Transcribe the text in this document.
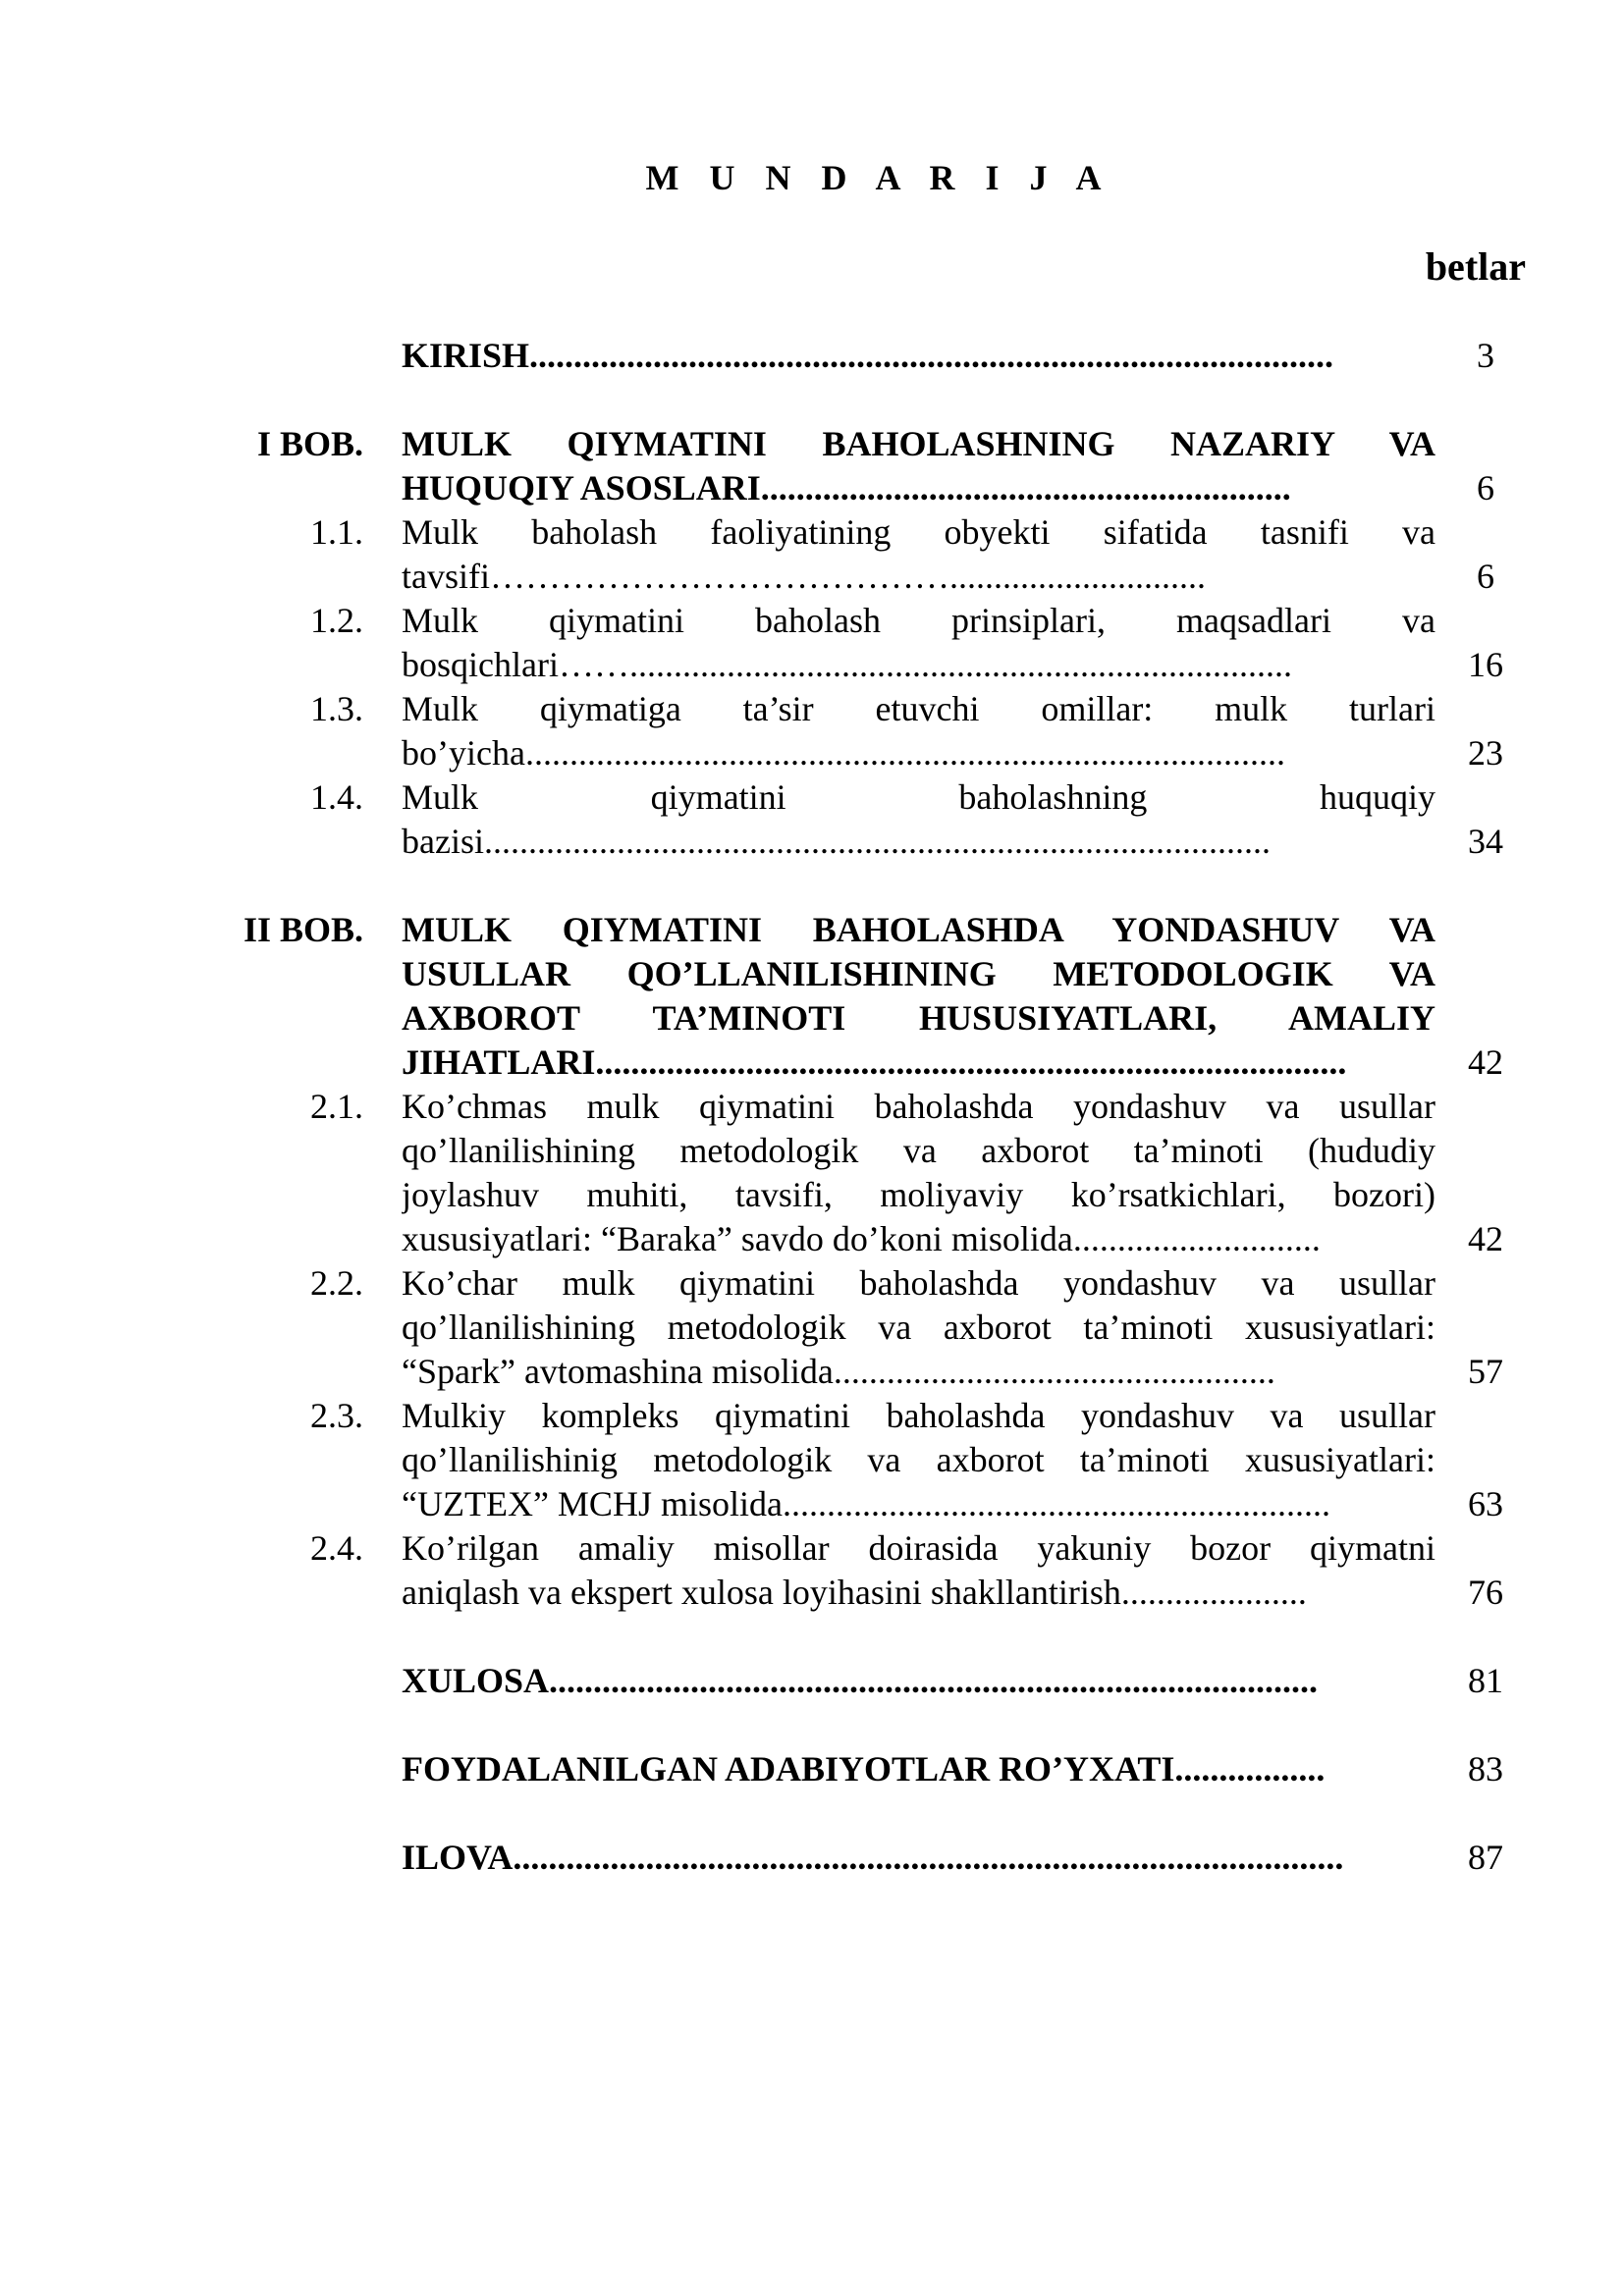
M U N D A R I J A
betlar
KIRISH...........................................................................................	3
I BOB. MULK QIYMATINI BAHOLASHNING NAZARIY VA
HUQUQIY ASOSLARI............................................................	6
1.1. Mulk baholash faoliyatining obyekti sifatida tasnifi va
tavsifi………………………………….............................	6
1.2. Mulk qiymatini baholash prinsiplari, maqsadlari va
bosqichlari……...........................................................................	16
1.3. Mulk qiymatiga ta’sir etuvchi omillar: mulk turlari
bo’yicha......................................................................................	23
1.4. Mulk qiymatini baholashning huquqiy
bazisi.........................................................................................	34
II BOB. MULK QIYMATINI BAHOLASHDA YONDASHUV VA
USULLAR QO’LLANILISHINING METODOLOGIK VA
AXBOROT TA’MINOTI HUSUSIYATLARI, AMALIY
JIHATLARI.....................................................................................	42
2.1. Ko’chmas mulk qiymatini baholashda yondashuv va usullar
qo’llanilishining metodologik va axborot ta’minoti (hududiy
joylashuv muhiti, tavsifi, moliyaviy ko’rsatkichlari, bozori)
xususiyatlari: “Baraka” savdo do’koni misolida............................	42
2.2. Ko’char mulk qiymatini baholashda yondashuv va usullar
qo’llanilishining metodologik va axborot ta’minoti xususiyatlari:
“Spark” avtomashina misolida..................................................	57
2.3. Mulkiy kompleks qiymatini baholashda yondashuv va usullar
qo’llanilishinig metodologik va axborot ta’minoti xususiyatlari:
“UZTEX” MCHJ misolida..............................................................	63
2.4. Ko’rilgan amaliy misollar doirasida yakuniy bozor qiymatni
aniqlash va ekspert xulosa loyihasini shakllantirish.....................	76
XULOSA.......................................................................................	81
FOYDALANILGAN ADABIYOTLAR RO’YXATI.................	83
ILOVA..............................................................................................	87
